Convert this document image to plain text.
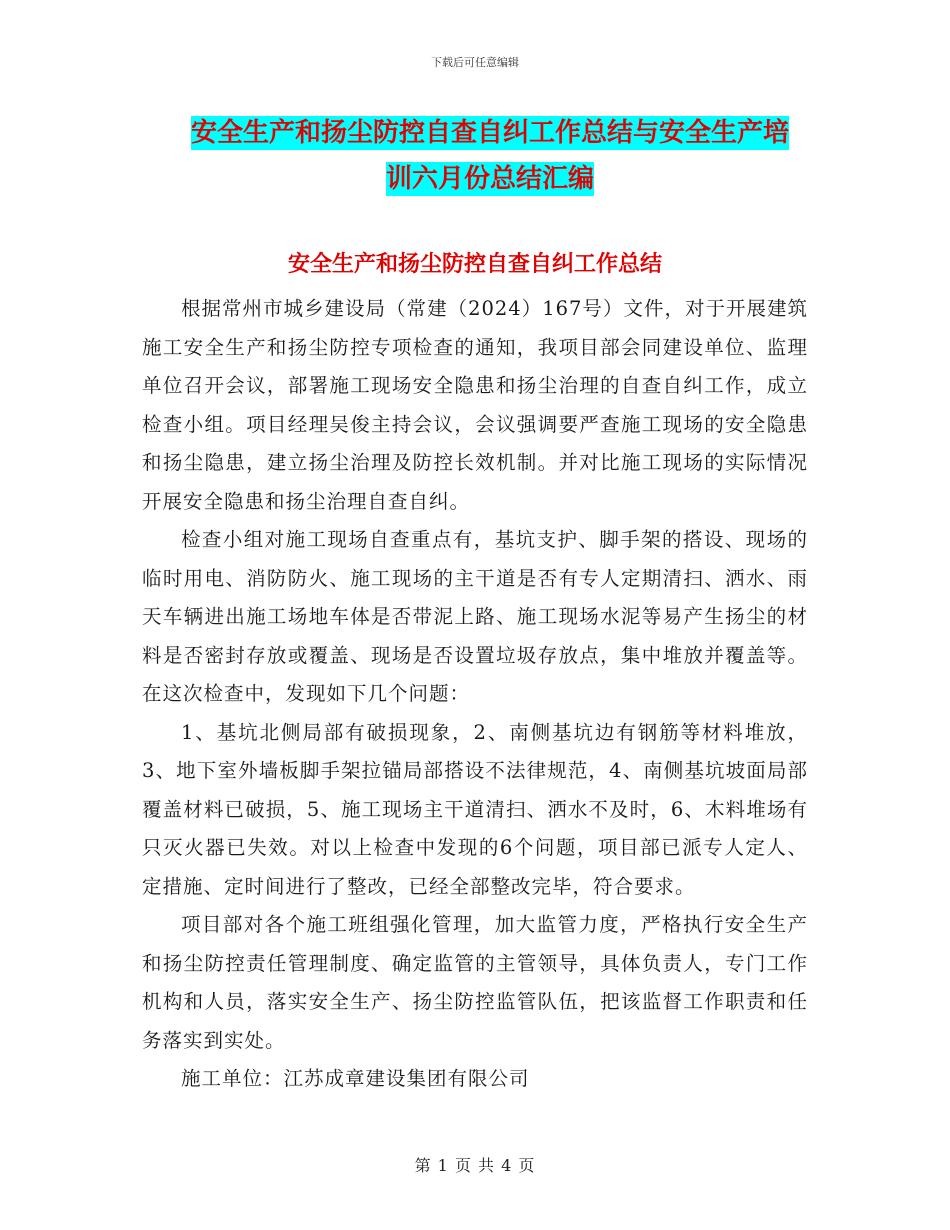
下载后可任意编辑
安全生产和扬尘防控自查自纠工作总结与安全生产培
训六月份总结汇编
安全生产和扬尘防控自查自纠工作总结

根据常州市城乡建设局（常建（2024）167号）文件，对于开展建筑施工安全生产和扬尘防控专项检查的通知，我项目部会同建设单位、监理单位召开会议，部署施工现场安全隐患和扬尘治理的自查自纠工作，成立检查小组。项目经理吴俊主持会议，会议强调要严查施工现场的安全隐患和扬尘隐患，建立扬尘治理及防控长效机制。并对比施工现场的实际情况开展安全隐患和扬尘治理自查自纠。

检查小组对施工现场自查重点有，基坑支护、脚手架的搭设、现场的临时用电、消防防火、施工现场的主干道是否有专人定期清扫、洒水、雨天车辆进出施工场地车体是否带泥上路、施工现场水泥等易产生扬尘的材料是否密封存放或覆盖、现场是否设置垃圾存放点，集中堆放并覆盖等。在这次检查中，发现如下几个问题：

1、基坑北侧局部有破损现象，2、南侧基坑边有钢筋等材料堆放，3、地下室外墙板脚手架拉锚局部搭设不法律规范，4、南侧基坑坡面局部覆盖材料已破损，5、施工现场主干道清扫、洒水不及时，6、木料堆场有只灭火器已失效。对以上检查中发现的6个问题，项目部已派专人定人、定措施、定时间进行了整改，已经全部整改完毕，符合要求。

项目部对各个施工班组强化管理，加大监管力度，严格执行安全生产和扬尘防控责任管理制度、确定监管的主管领导，具体负责人，专门工作机构和人员，落实安全生产、扬尘防控监管队伍，把该监督工作职责和任务落实到实处。

施工单位：江苏成章建设集团有限公司

第 1 页 共 4 页
